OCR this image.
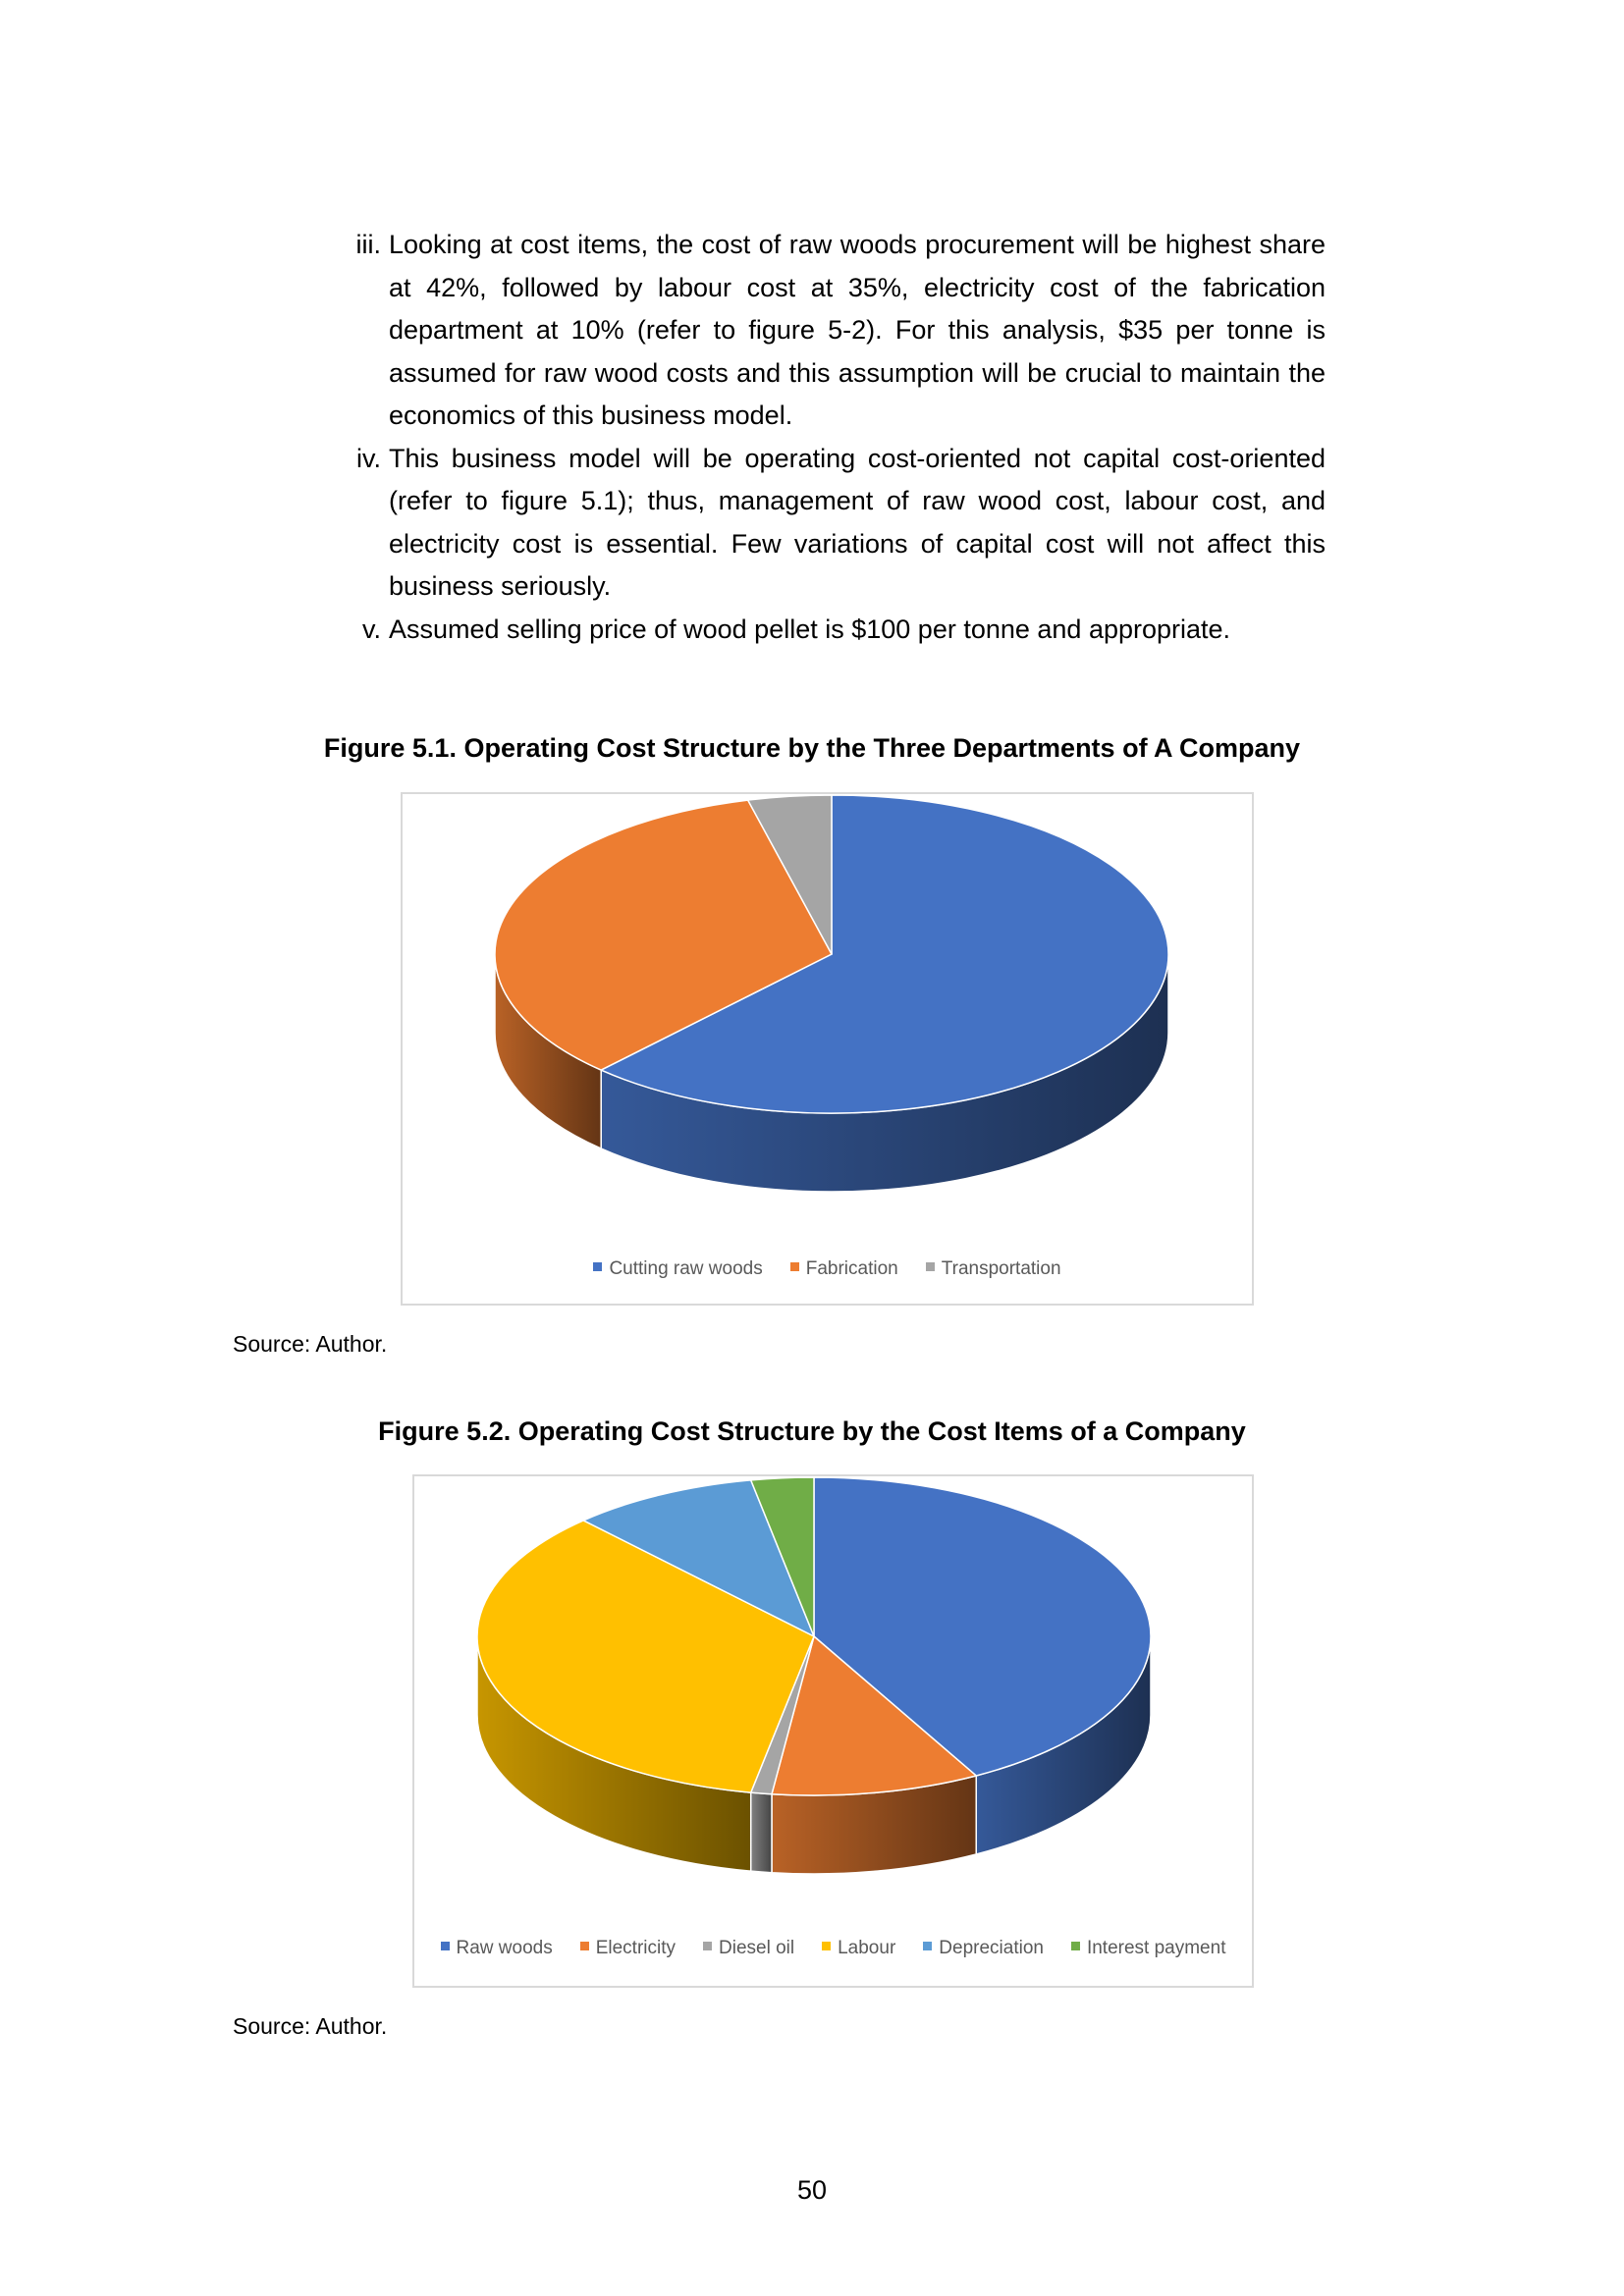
iii. Looking at cost items, the cost of raw woods procurement will be highest share at 42%, followed by labour cost at 35%, electricity cost of the fabrication department at 10% (refer to figure 5-2). For this analysis, $35 per tonne is assumed for raw wood costs and this assumption will be crucial to maintain the economics of this business model.
iv. This business model will be operating cost-oriented not capital cost-oriented (refer to figure 5.1); thus, management of raw wood cost, labour cost, and electricity cost is essential. Few variations of capital cost will not affect this business seriously.
v. Assumed selling price of wood pellet is $100 per tonne and appropriate.
Figure 5.1. Operating Cost Structure by the Three Departments of A Company
Cutting raw woods Fabrication Transportation
Source: Author.
Figure 5.2. Operating Cost Structure by the Cost Items of a Company
Raw woods Electricity Diesel oil Labour Depreciation Interest payment
Source: Author.
50
